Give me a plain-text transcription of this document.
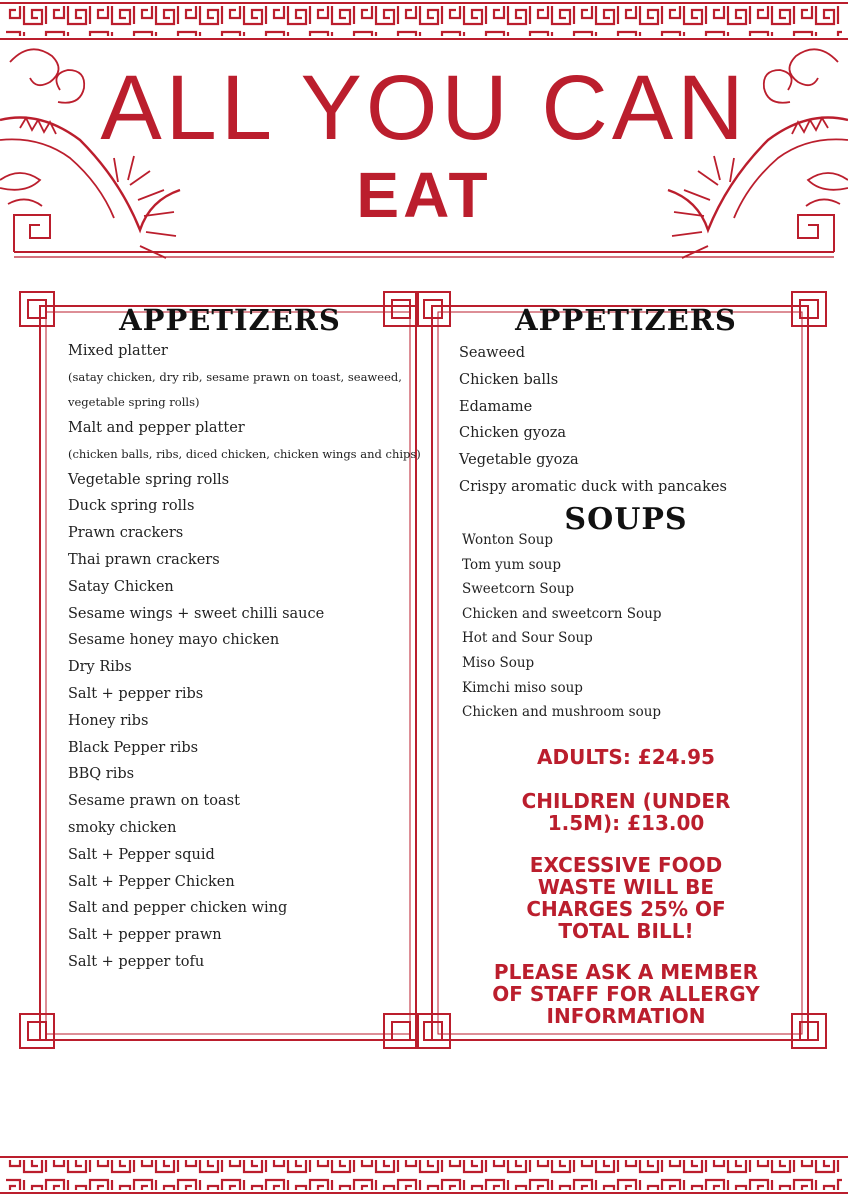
ALL YOU CAN
EAT
APPETIZERS
Mixed platter
(satay chicken, dry rib, sesame prawn on toast, seaweed,
vegetable spring rolls)
Malt and pepper platter
(chicken balls, ribs, diced chicken, chicken wings and chips)
Vegetable spring rolls
Duck spring rolls
Prawn crackers
Thai prawn crackers
Satay Chicken
Sesame wings + sweet chilli sauce
Sesame honey mayo chicken
Dry Ribs
Salt + pepper ribs
Honey ribs
Black Pepper ribs
BBQ ribs
Sesame prawn on toast
smoky chicken
Salt + Pepper squid
Salt + Pepper Chicken
Salt and pepper chicken wing
Salt + pepper prawn
Salt + pepper tofu
APPETIZERS
Seaweed
Chicken balls
Edamame
Chicken gyoza
Vegetable gyoza
Crispy aromatic duck with pancakes
SOUPS
Wonton Soup
Tom yum soup
Sweetcorn Soup
Chicken and sweetcorn Soup
Hot and Sour Soup
Miso Soup
Kimchi miso soup
Chicken and mushroom soup

ADULTS: £24.95

CHILDREN (UNDER
1.5M): £13.00
EXCESSIVE FOOD
WASTE WILL BE
CHARGES 25% OF
TOTAL BILL!
PLEASE ASK A MEMBER
OF STAFF FOR ALLERGY
INFORMATION
